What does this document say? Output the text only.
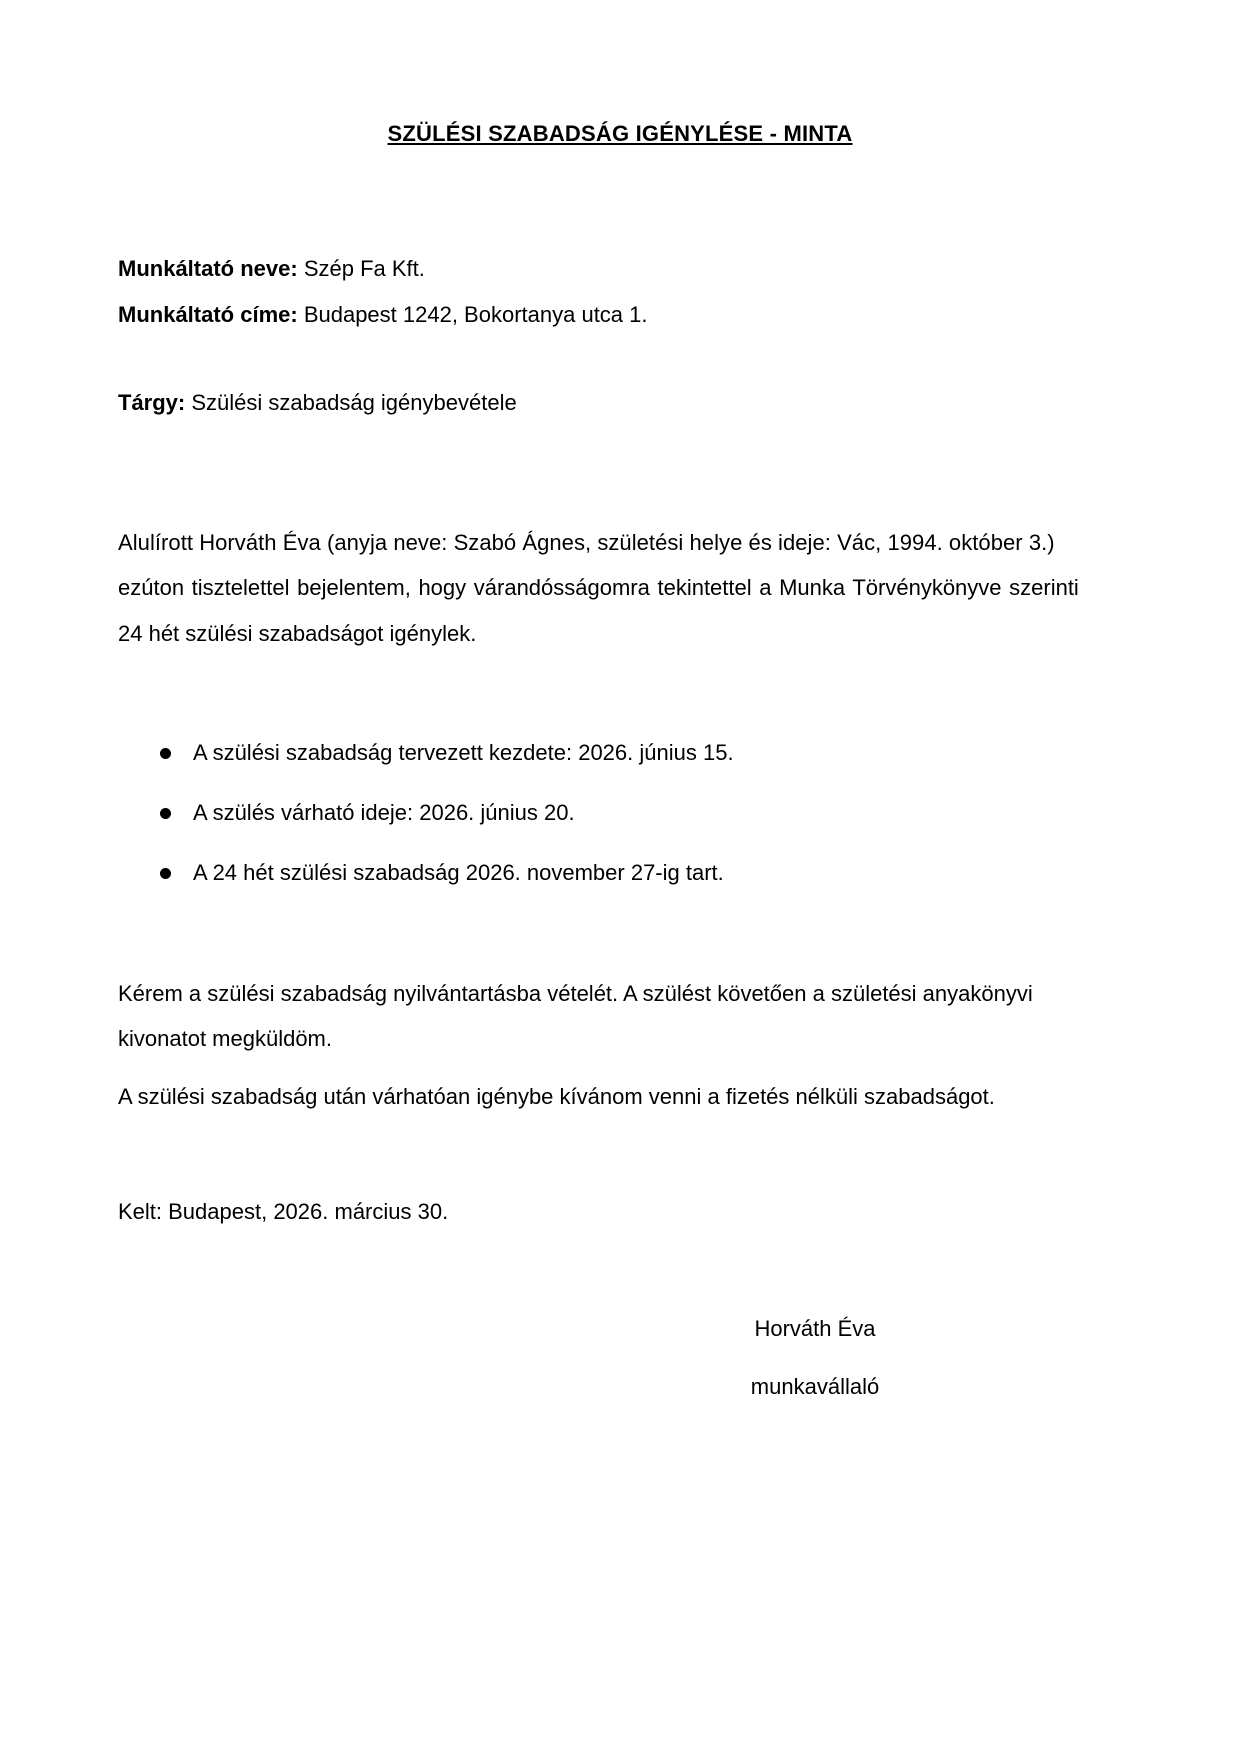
SZÜLÉSI SZABADSÁG IGÉNYLÉSE - MINTA
Munkáltató neve: Szép Fa Kft.
Munkáltató címe: Budapest 1242, Bokortanya utca 1.
Tárgy: Szülési szabadság igénybevétele
Alulírott Horváth Éva (anyja neve: Szabó Ágnes, születési helye és ideje: Vác, 1994. október 3.)
ezúton tisztelettel bejelentem, hogy várandósságomra tekintettel a Munka Törvénykönyve szerinti
24 hét szülési szabadságot igénylek.
A szülési szabadság tervezett kezdete: 2026. június 15.
A szülés várható ideje: 2026. június 20.
A 24 hét szülési szabadság 2026. november 27-ig tart.
Kérem a szülési szabadság nyilvántartásba vételét. A szülést követően a születési anyakönyvi
kivonatot megküldöm.
A szülési szabadság után várhatóan igénybe kívánom venni a fizetés nélküli szabadságot.
Kelt: Budapest, 2026. március 30.
Horváth Éva
munkavállaló
